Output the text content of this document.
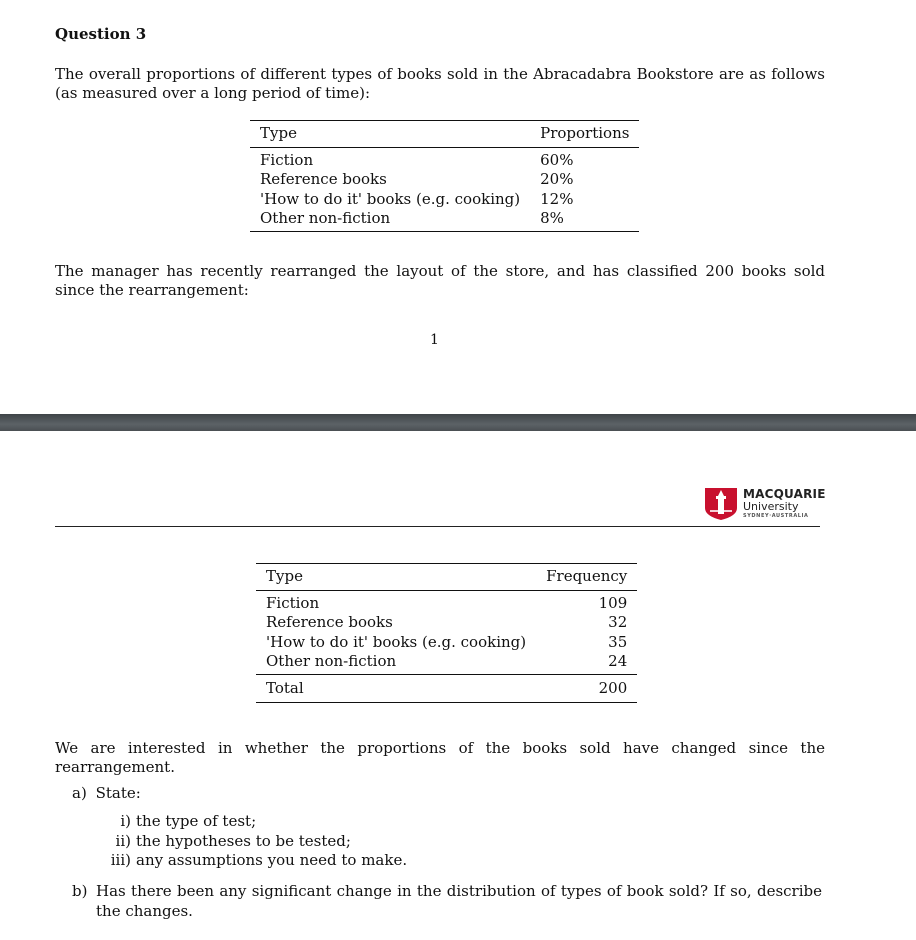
Question 3
The overall proportions of different types of books sold in the Abracadabra Bookstore are as follows (as measured over a long period of time):
Type	Proportions
Fiction	60%
Reference books	20%
'How to do it' books (e.g. cooking)	12%
Other non-fiction	8%
The manager has recently rearranged the layout of the store, and has classified 200 books sold since the rearrangement:
1
MACQUARIE
University
SYDNEY·AUSTRALIA
Type	Frequency
Fiction	109
Reference books	32
'How to do it' books (e.g. cooking)	35
Other non-fiction	24
Total	200
We are interested in whether the proportions of the books sold have changed since the rearrangement.
a) State:
i) the type of test;
ii) the hypotheses to be tested;
iii) any assumptions you need to make.
b) Has there been any significant change in the distribution of types of book sold? If so, describe the changes.
